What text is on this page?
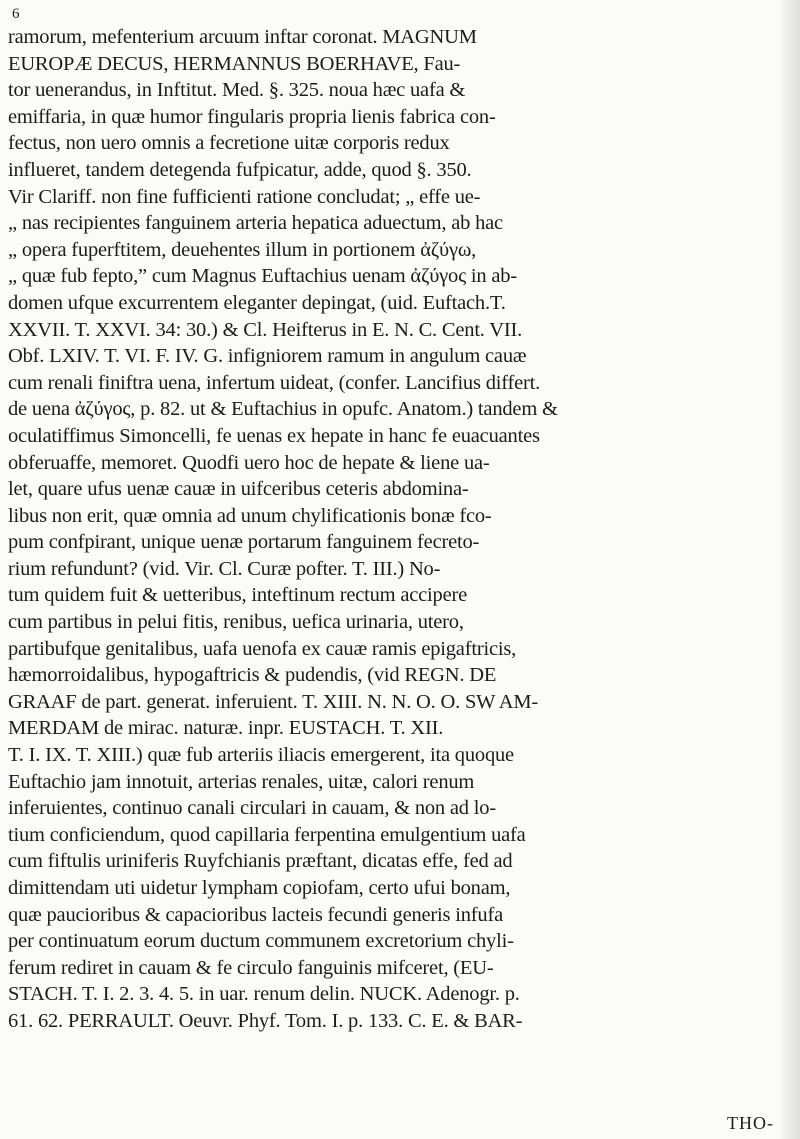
6
ramorum, mefenterium arcuum inftar coronat. MAGNUM
EUROPÆ DECUS, HERMANNUS BOERHAVE, Fau-
tor uenerandus, in Inftitut. Med. §. 325. noua hæc uafa &
emiffaria, in quæ humor fingularis propria lienis fabrica con-
fectus, non uero omnis a fecretione uitæ corporis redux
influeret, tandem detegenda fufpicatur, adde, quod §. 350.
Vir Clariff. non fine fufficienti ratione concludat; „ effe ue-
„ nas recipientes fanguinem arteria hepatica aduectum, ab hac
„ opera fuperftitem, deuehentes illum in portionem ἀζύγω,
„ quæ fub fepto,” cum Magnus Euftachius uenam ἀζύγος in ab-
domen ufque excurrentem eleganter depingat, (uid. Euftach.T.
XXVII. T. XXVI. 34: 30.) & Cl. Heifterus in E. N. C. Cent. VII.
Obf. LXIV. T. VI. F. IV. G. infigniorem ramum in angulum cauæ
cum renali finiftra uena, infertum uideat, (confer. Lancifius differt.
de uena ἀζύγος, p. 82. ut & Euftachius in opufc. Anatom.) tandem &
oculatiffimus Simoncelli, fe uenas ex hepate in hanc fe euacuantes
obferuaffe, memoret. Quodfi uero hoc de hepate & liene ua-
let, quare ufus uenæ cauæ in uifceribus ceteris abdomina-
libus non erit, quæ omnia ad unum chylificationis bonæ fco-
pum confpirant, unique uenæ portarum fanguinem fecreto-
rium refundunt? (vid. Vir. Cl. Curæ pofter. T. III.) No-
tum quidem fuit & uetteribus, inteftinum rectum accipere
cum partibus in pelui fitis, renibus, uefica urinaria, utero,
partibufque genitalibus, uafa uenofa ex cauæ ramis epigaftricis,
hæmorroidalibus, hypogaftricis & pudendis, (vid REGN. DE
GRAAF de part. generat. inferuient. T. XIII. N. N. O. O. SW AM-
MERDAM de mirac. naturæ. inpr. EUSTACH. T. XII.
T. I. IX. T. XIII.) quæ fub arteriis iliacis emergerent, ita quoque
Euftachio jam innotuit, arterias renales, uitæ, calori renum
inferuientes, continuo canali circulari in cauam, & non ad lo-
tium conficiendum, quod capillaria ferpentina emulgentium uafa
cum fiftulis uriniferis Ruyfchianis præftant, dicatas effe, fed ad
dimittendam uti uidetur lympham copiofam, certo ufui bonam,
quæ paucioribus & capacioribus lacteis fecundi generis infufa
per continuatum eorum ductum communem excretorium chyli-
ferum rediret in cauam & fe circulo fanguinis mifceret, (EU-
STACH. T. I. 2. 3. 4. 5. in uar. renum delin. NUCK. Adenogr. p.
61. 62. PERRAULT. Oeuvr. Phyf. Tom. I. p. 133. C. E. & BAR-
THO-
